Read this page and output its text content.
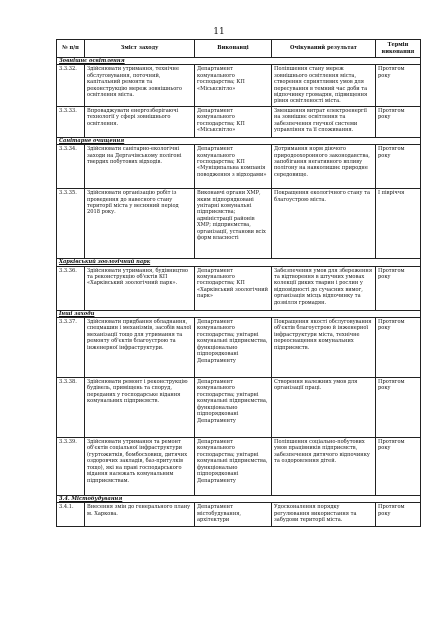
11
№ п/п	Зміст заходу	Виконавці	Очікуваний результат	Термін виконання
Зовнішнє освітлення				
3.3.32.	Здійснювати утримання, технічне обслуговування, поточний, капітальний ремонти та реконструкцію мереж зовнішнього освітлення міста.	Департамент комунального господарства; КП «Міськсвітло»	Поліпшення стану мереж зовнішнього освітлення міста, створення сприятливих умов для пересування в темний час доби та відпочинку громадян, підвищення рівня освітленості міста.	Протягом року
3.3.33.	Впроваджувати енергозберігаючі технології у сфері зовнішнього освітлення.	Департамент комунального господарства; КП «Міськсвітло»	Зменшення витрат електроенергії на зовнішнє освітлення та забезпечення гнучкої системи управління та її споживання.	Протягом року
Санітарне очищення				
3.3.34.	Здійснювати санітарно-екологічні заходи на Дергачівському полігоні твердих побутових відходів.	Департамент комунального господарства; КП «Муніципальна компанія поводження з відходами»	Дотримання норм діючого природоохоронного законодавства, запобігання негативного впливу полігону на навколишнє природне середовище.	Протягом року
3.3.35.	Здійснювати організацію робіт із проведення до навесного стану території міста у весняний період 2018 року.	Виконавчі органи ХМР, яким підпорядковані унітарні комунальні підприємства; адміністрації районів ХМР; підприємства, організації, установи всіх форм власності	Покращення екологічного стану та благоустрою міста.	І півріччя
Харківський зоологічний парк				
3.3.36.	Здійснювати утримання, будівництво та реконструкцію об'єктів КП «Харківський зоологічний парк».	Департамент комунального господарства; КП «Харківський зоологічний парк»	Забезпечення умов для збереження та відтворення в штучних умовах колекції диких тварин і рослин у відповідності до сучасних вимог, організація місць відпочинку та дозвілля громадян.	Протягом року
Інші заходи				
3.3.37.	Здійснювати придбання обладнання, спецмашин і механізмів, засобів малої механізації тощо для утримання та ремонту об'єктів благоустрою та інженерної інфраструктури.	Департамент комунального господарства; унітарні комунальні підприємства, функціонально підпорядковані Департаменту	Покращення якості обслуговування об'єктів благоустрою й інженерної інфраструктури міста, технічне переоснащення комунальних підприємств.	Протягом року
3.3.38.	Здійснювати ремонт і реконструкцію будівель, приміщень та споруд, переданих у господарське відання комунальних підприємств.	Департамент комунального господарства; унітарні комунальні підприємства, функціонально підпорядковані Департаменту	Створення належних умов для організації праці.	Протягом року
3.3.39.	Здійснювати утримання та ремонт об'єктів соціальної інфраструктури (гуртожитків, бомбосховищ, дитячих оздоровчих закладів, баз-притулків тощо), які на праві господарського відання належать комунальним підприємствам.	Департамент комунального господарства; унітарні комунальні підприємства, функціонально підпорядковані Департаменту	Поліпшення соціально-побутових умов працівників підприємств, забезпечення дитячого відпочинку та оздоровлення дітей.	Протягом року
3.4. Містобудування				
3.4.1.	Внесення змін до генерального плану м. Харкова.	Департамент містобудування, архітектури	Удосконалення порядку регулювання використання та забудови території міста.	Протягом року
